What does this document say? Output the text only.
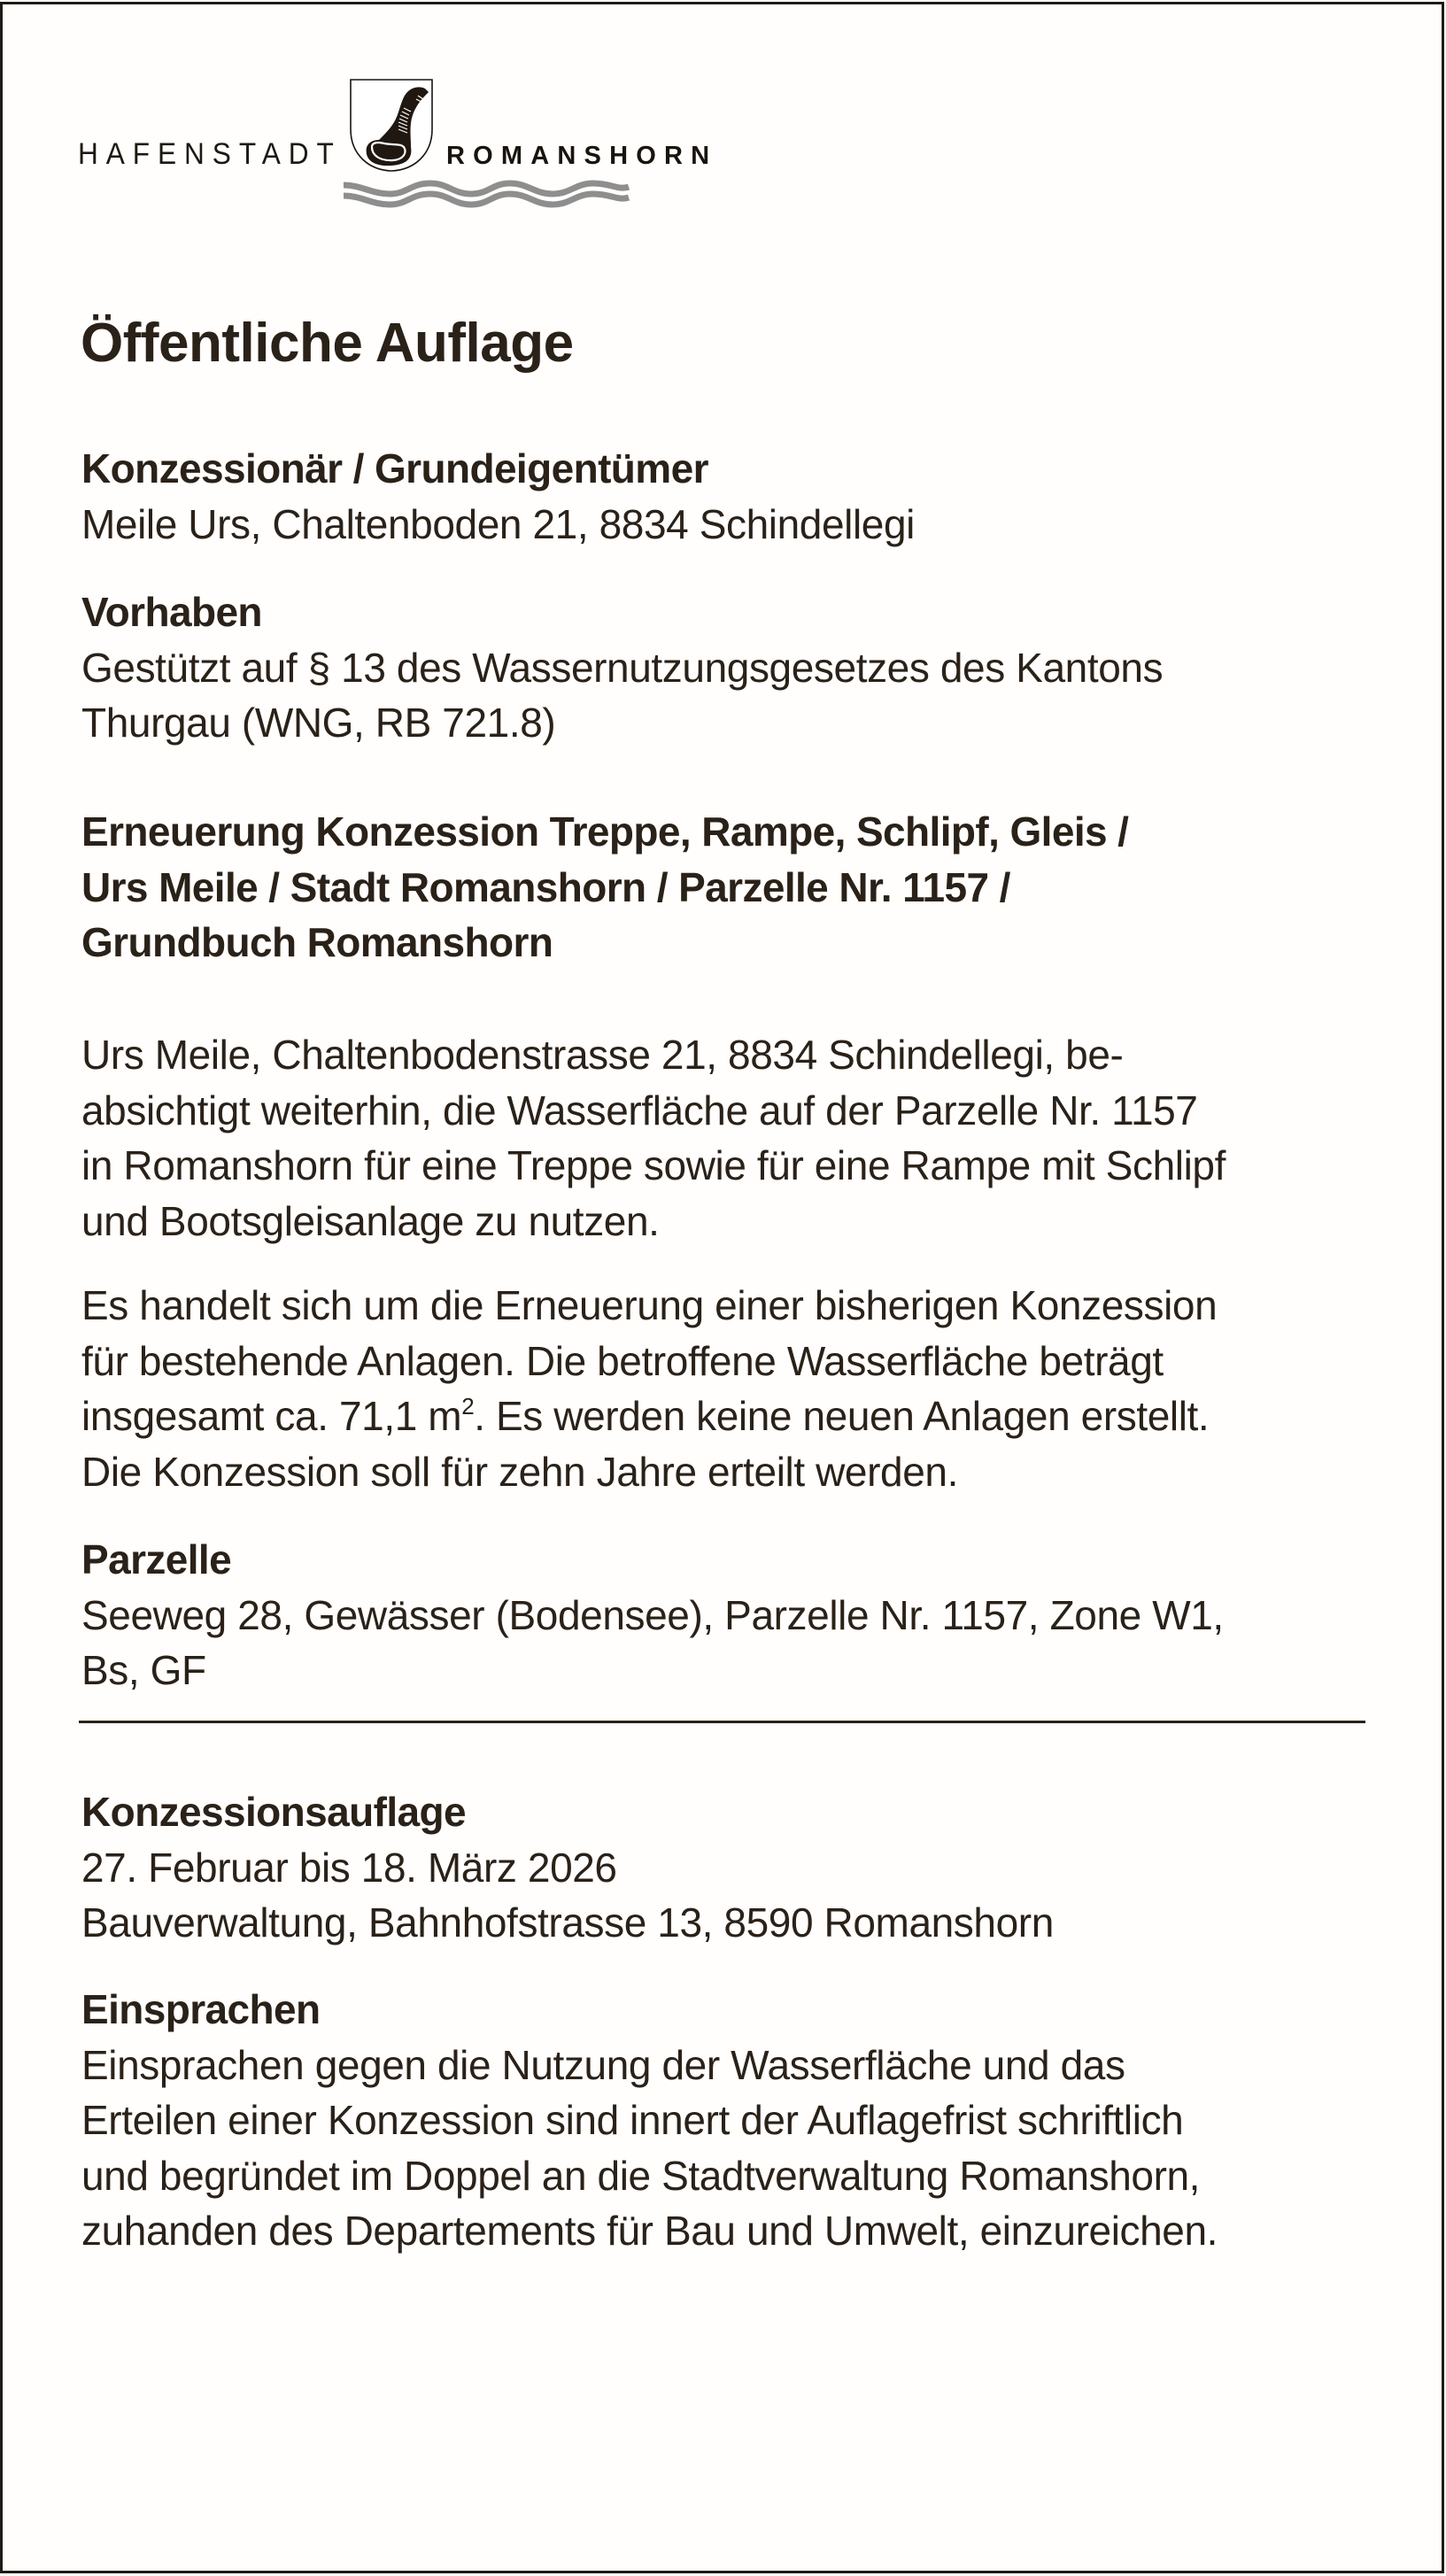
HAFENSTADT	ROMANSHORN
Öffentliche Auflage
Konzessionär / Grundeigentümer
Meile Urs, Chaltenboden 21, 8834 Schindellegi
Vorhaben
Gestützt auf § 13 des Wassernutzungsgesetzes des Kantons
Thurgau (WNG, RB 721.8)
Erneuerung Konzession Treppe, Rampe, Schlipf, Gleis /
Urs Meile / Stadt Romanshorn / Parzelle Nr. 1157 /
Grundbuch Romanshorn
Urs Meile, Chaltenbodenstrasse 21, 8834 Schindellegi, be-
absichtigt weiterhin, die Wasserfläche auf der Parzelle Nr. 1157
in Romanshorn für eine Treppe sowie für eine Rampe mit Schlipf
und Bootsgleisanlage zu nutzen.
Es handelt sich um die Erneuerung einer bisherigen Konzession
für bestehende Anlagen. Die betroffene Wasserfläche beträgt
insgesamt ca. 71,1 $m^2$. Es werden keine neuen Anlagen erstellt.
Die Konzession soll für zehn Jahre erteilt werden.
Parzelle
Seeweg 28, Gewässer (Bodensee), Parzelle Nr. 1157, Zone W1,
Bs, GF
Konzessionsauflage
27. Februar bis 18. März 2026
Bauverwaltung, Bahnhofstrasse 13, 8590 Romanshorn
Einsprachen
Einsprachen gegen die Nutzung der Wasserfläche und das
Erteilen einer Konzession sind innert der Auflagefrist schriftlich
und begründet im Doppel an die Stadtverwaltung Romanshorn,
zuhanden des Departements für Bau und Umwelt, einzureichen.
